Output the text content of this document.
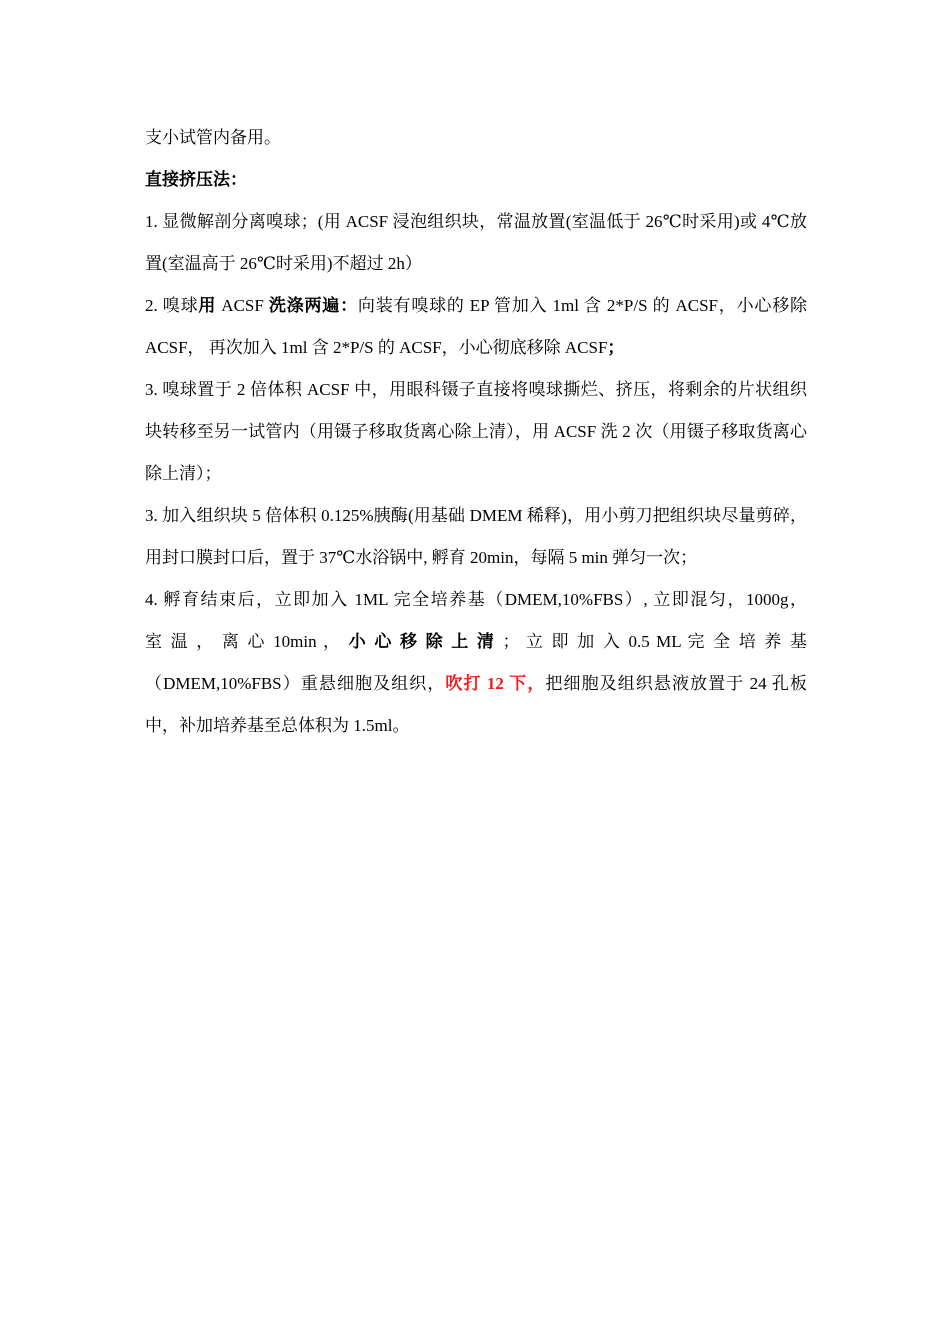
支小试管内备用。

直接挤压法：

1. 显微解剖分离嗅球；(用 ACSF 浸泡组织块，常温放置(室温低于 26℃时采用)或 4℃放置(室温高于 26℃时采用)不超过 2h）

2. 嗅球用 ACSF 洗涤两遍：向装有嗅球的 EP 管加入 1ml 含 2*P/S 的 ACSF，小心移除 ACSF， 再次加入 1ml 含 2*P/S 的 ACSF，小心彻底移除 ACSF；

3. 嗅球置于 2 倍体积 ACSF 中，用眼科镊子直接将嗅球撕烂、挤压，将剩余的片状组织块转移至另一试管内（用镊子移取货离心除上清），用 ACSF 洗 2 次（用镊子移取货离心除上清）；

3. 加入组织块 5 倍体积 0.125%胰酶(用基础 DMEM 稀释)，用小剪刀把组织块尽量剪碎，用封口膜封口后，置于 37℃水浴锅中, 孵育 20min，每隔 5 min 弹匀一次；

4. 孵育结束后，立即加入 1ML 完全培养基（DMEM,10%FBS）, 立即混匀，1000g，
室 温 ， 离 心 10min ， 小 心 移 除 上 清 ； 立 即 加 入 0.5 ML 完 全 培 养 基
（DMEM,10%FBS）重悬细胞及组织，吹打 12 下，把细胞及组织悬液放置于 24 孔板中，补加培养基至总体积为 1.5ml。
